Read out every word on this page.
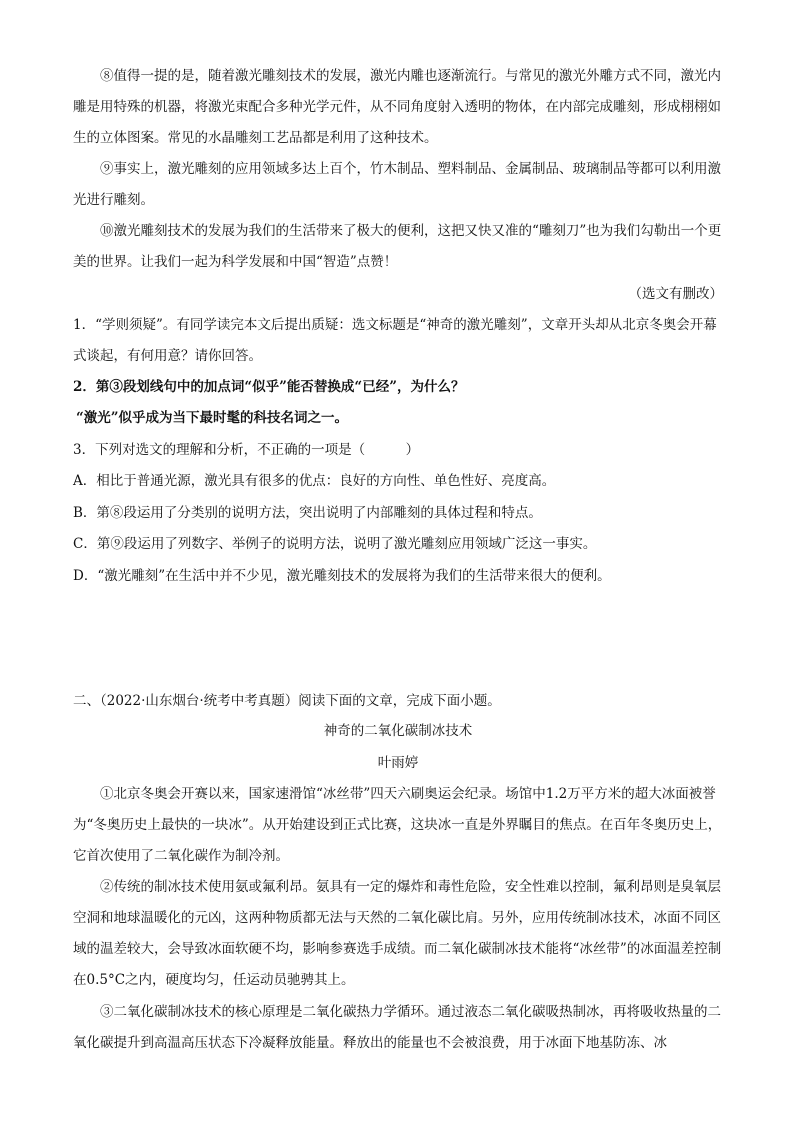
⑧值得一提的是，随着激光雕刻技术的发展，激光内雕也逐渐流行。与常见的激光外雕方式不同，激光内雕是用特殊的机器，将激光束配合多种光学元件，从不同角度射入透明的物体，在内部完成雕刻，形成栩栩如生的立体图案。常见的水晶雕刻工艺品都是利用了这种技术。

⑨事实上，激光雕刻的应用领域多达上百个，竹木制品、塑料制品、金属制品、玻璃制品等都可以利用激光进行雕刻。

⑩激光雕刻技术的发展为我们的生活带来了极大的便利，这把又快又准的“雕刻刀”也为我们勾勒出一个更美的世界。让我们一起为科学发展和中国“智造”点赞！

（选文有删改）

1．“学则须疑”。有同学读完本文后提出质疑：选文标题是“神奇的激光雕刻”，文章开头却从北京冬奥会开幕式谈起，有何用意？请你回答。

2．第③段划线句中的加点词“似乎”能否替换成“已经”，为什么？

“激光”似乎成为当下最时髦的科技名词之一。

3．下列对选文的理解和分析，不正确的一项是（　　　）

A．相比于普通光源，激光具有很多的优点：良好的方向性、单色性好、亮度高。

B．第⑧段运用了分类别的说明方法，突出说明了内部雕刻的具体过程和特点。

C．第⑨段运用了列数字、举例子的说明方法，说明了激光雕刻应用领域广泛这一事实。

D．“激光雕刻”在生活中并不少见，激光雕刻技术的发展将为我们的生活带来很大的便利。

二、（2022·山东烟台·统考中考真题）阅读下面的文章，完成下面小题。

神奇的二氧化碳制冰技术

叶雨婷

①北京冬奥会开赛以来，国家速滑馆“冰丝带”四天六刷奥运会纪录。场馆中1.2万平方米的超大冰面被誉为“冬奥历史上最快的一块冰”。从开始建设到正式比赛，这块冰一直是外界瞩目的焦点。在百年冬奥历史上，它首次使用了二氧化碳作为制冷剂。

②传统的制冰技术使用氨或氟利昂。氨具有一定的爆炸和毒性危险，安全性难以控制，氟利昂则是臭氧层空洞和地球温暖化的元凶，这两种物质都无法与天然的二氧化碳比肩。另外，应用传统制冰技术，冰面不同区域的温差较大，会导致冰面软硬不均，影响参赛选手成绩。而二氧化碳制冰技术能将“冰丝带”的冰面温差控制在0.5°C之内，硬度均匀，任运动员驰骋其上。

③二氧化碳制冰技术的核心原理是二氧化碳热力学循环。通过液态二氧化碳吸热制冰，再将吸收热量的二氧化碳提升到高温高压状态下冷凝释放能量。释放出的能量也不会被浪费，用于冰面下地基防冻、冰
